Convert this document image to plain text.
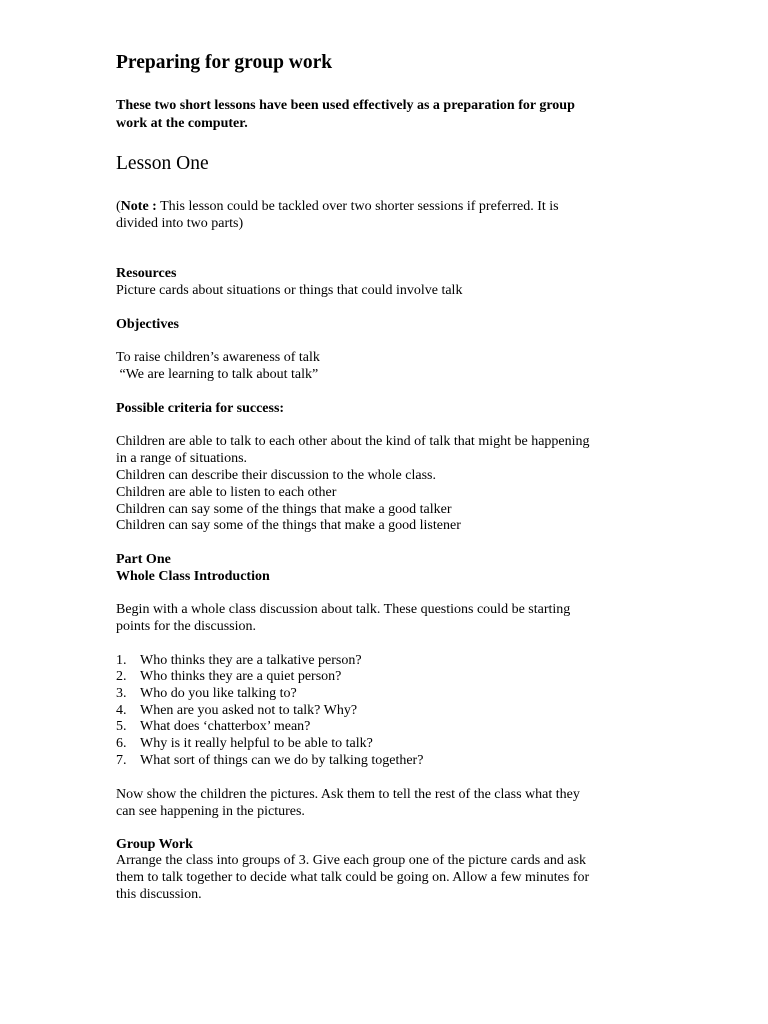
Preparing for group work
These two short lessons have been used effectively as a preparation for group
work at the computer.
Lesson One
(Note : This lesson could be tackled over two shorter sessions if preferred. It is
divided into two parts)
Resources
Picture cards about situations or things that could involve talk
Objectives
To raise children’s awareness of talk
“We are learning to talk about talk”
Possible criteria for success:
Children are able to talk to each other about the kind of talk that might be happening
in a range of situations.
Children can describe their discussion to the whole class.
Children are able to listen to each other
Children can say some of the things that make a good talker
Children can say some of the things that make a good listener
Part One
Whole Class Introduction
Begin with a whole class discussion about talk. These questions could be starting
points for the discussion.
1. Who thinks they are a talkative person?
2. Who thinks they are a quiet person?
3. Who do you like talking to?
4. When are you asked not to talk? Why?
5. What does ‘chatterbox’ mean?
6. Why is it really helpful to be able to talk?
7. What sort of things can we do by talking together?
Now show the children the pictures. Ask them to tell the rest of the class what they
can see happening in the pictures.
Group Work
Arrange the class into groups of 3. Give each group one of the picture cards and ask
them to talk together to decide what talk could be going on. Allow a few minutes for
this discussion.
